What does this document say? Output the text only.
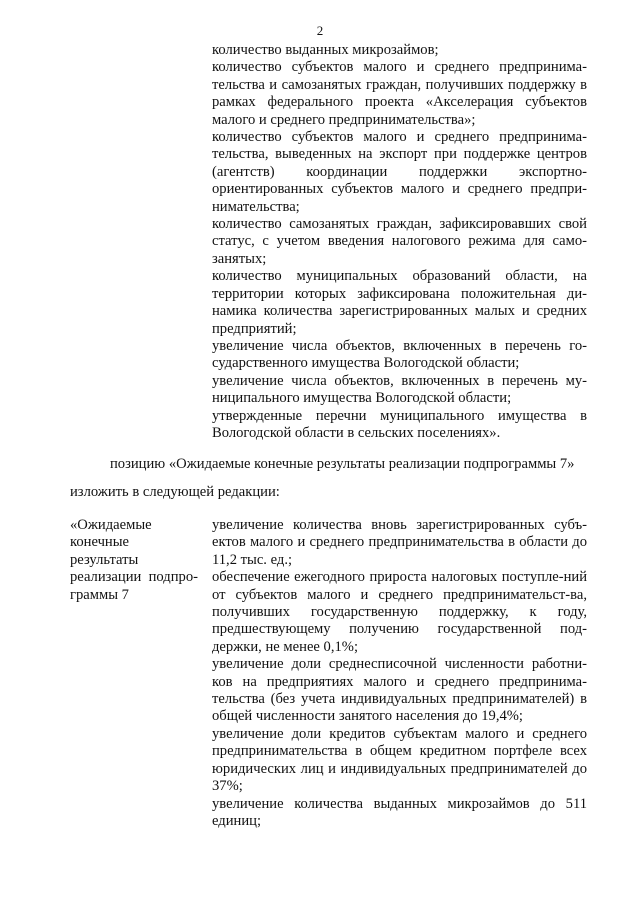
2

количество выданных микрозаймов;

количество субъектов малого и среднего предпринима-тельства и самозанятых граждан, получивших поддержку в рамках федерального проекта «Акселерация субъектов малого и среднего предпринимательства»;

количество субъектов малого и среднего предпринима-тельства, выведенных на экспорт при поддержке центров (агентств) координации поддержки экспортно-ориентированных субъектов малого и среднего предпри-нимательства;

количество самозанятых граждан, зафиксировавших свой статус, с учетом введения налогового режима для само-занятых;

количество муниципальных образований области, на территории которых зафиксирована положительная ди-намика количества зарегистрированных малых и средних предприятий;

увеличение числа объектов, включенных в перечень го-сударственного имущества Вологодской области;

увеличение числа объектов, включенных в перечень му-ниципального имущества Вологодской области;

утвержденные перечни муниципального имущества в Вологодской области в сельских поселениях».

позицию «Ожидаемые конечные результаты реализации подпрограммы 7»

изложить в следующей редакции:

«Ожидаемые конечные результаты реализации подпро-граммы 7

увеличение количества вновь зарегистрированных субъ-ектов малого и среднего предпринимательства в области до 11,2 тыс. ед.;

обеспечение ежегодного прироста налоговых поступле-ний от субъектов малого и среднего предпринимательст-ва, получивших государственную поддержку, к году, предшествующему получению государственной под-держки, не менее 0,1%;

увеличение доли среднесписочной численности работни-ков на предприятиях малого и среднего предпринима-тельства (без учета индивидуальных предпринимателей) в общей численности занятого населения до 19,4%;

увеличение доли кредитов субъектам малого и среднего предпринимательства в общем кредитном портфеле всех юридических лиц и индивидуальных предпринимателей до 37%;

увеличение количества выданных микрозаймов до 511 единиц;
